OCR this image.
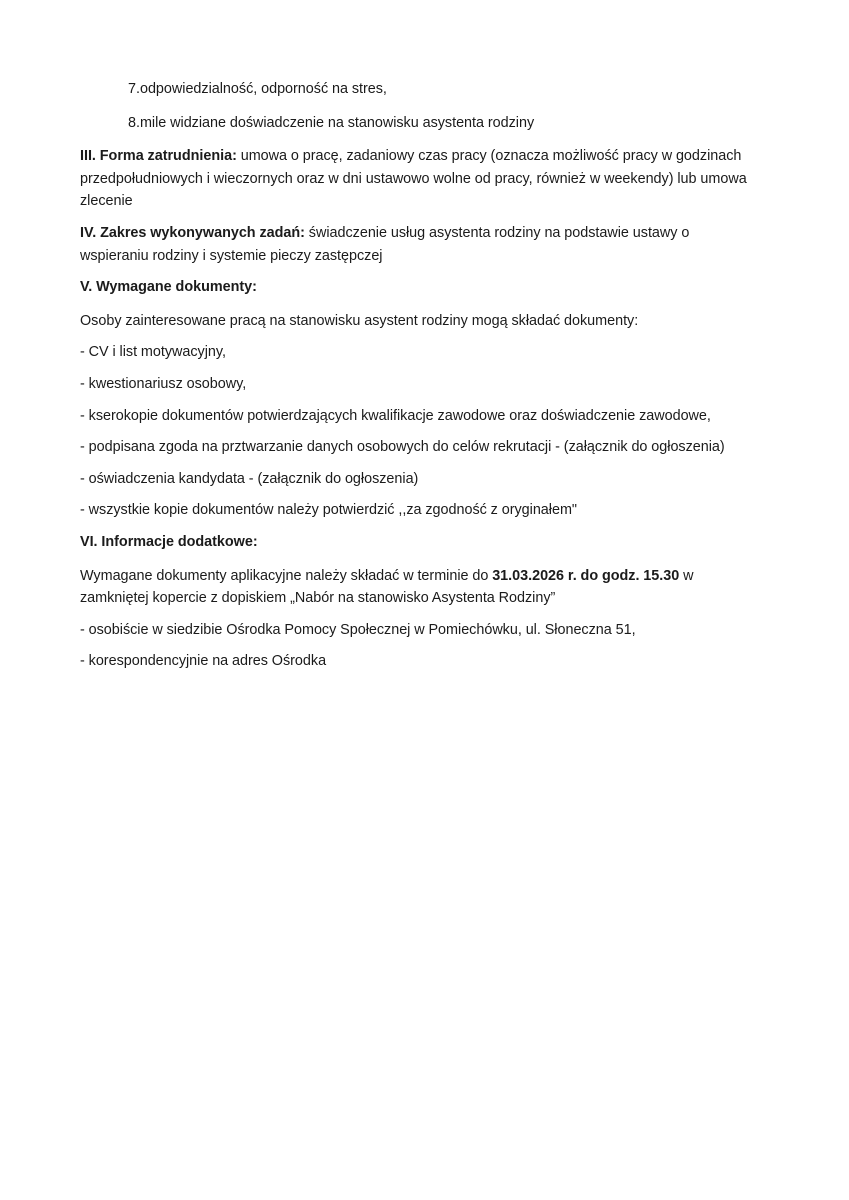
7.odpowiedzialność, odporność na stres,

8.mile widziane doświadczenie na stanowisku asystenta rodziny

III. Forma zatrudnienia: umowa o pracę, zadaniowy czas pracy (oznacza możliwość pracy w godzinach przedpołudniowych i wieczornych oraz w dni ustawowo wolne od pracy, również w weekendy) lub umowa zlecenie

IV. Zakres wykonywanych zadań: świadczenie usług asystenta rodziny na podstawie ustawy o wspieraniu rodziny i systemie pieczy zastępczej

V. Wymagane dokumenty:

Osoby zainteresowane pracą na stanowisku asystent rodziny mogą składać dokumenty:

- CV i list motywacyjny,

- kwestionariusz osobowy,

- kserokopie dokumentów potwierdzających kwalifikacje zawodowe oraz doświadczenie zawodowe,

- podpisana zgoda na prztwarzanie danych osobowych do celów rekrutacji - (załącznik do ogłoszenia)

- oświadczenia kandydata - (załącznik do ogłoszenia)

- wszystkie kopie dokumentów należy potwierdzić ,,za zgodność z oryginałem"

VI. Informacje dodatkowe:

Wymagane dokumenty aplikacyjne należy składać w terminie do 31.03.2026 r. do godz. 15.30 w zamkniętej kopercie z dopiskiem „Nabór na stanowisko Asystenta Rodziny”

- osobiście w siedzibie Ośrodka Pomocy Społecznej w Pomiechówku, ul. Słoneczna 51,

- korespondencyjnie na adres Ośrodka
